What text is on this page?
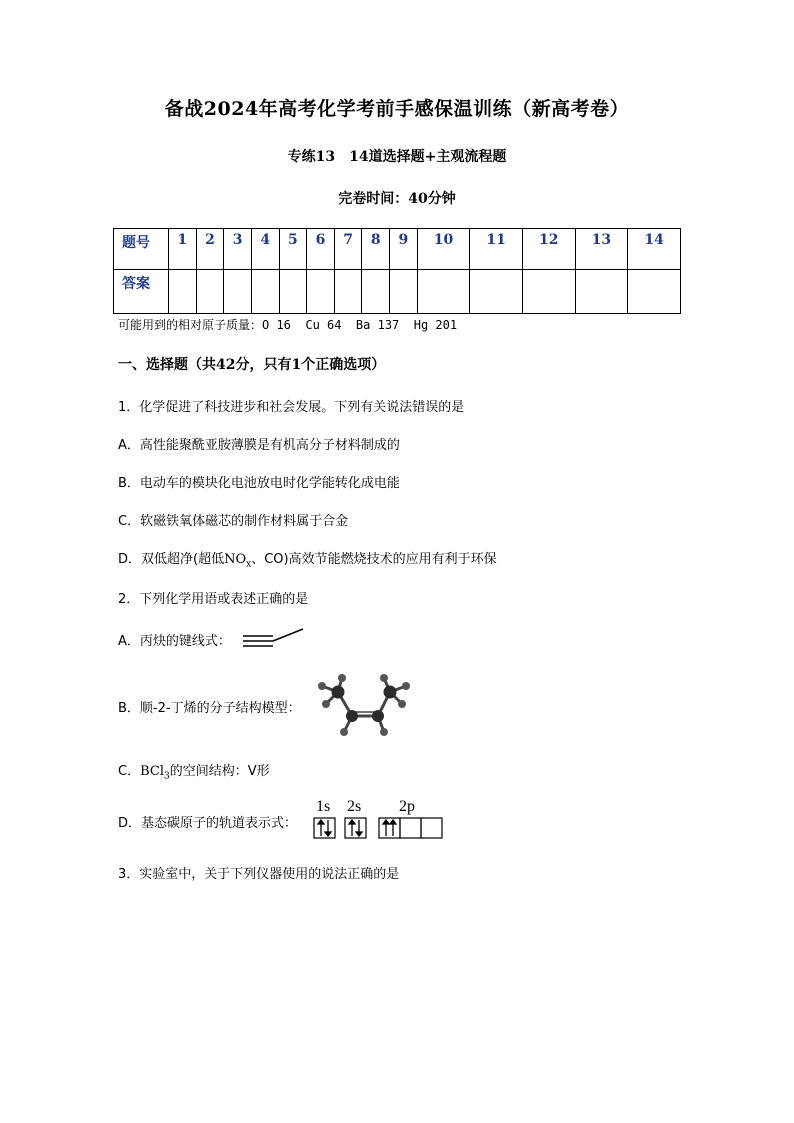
备战2024年高考化学考前手感保温训练（新高考卷）
专练13　14道选择题+主观流程题
完卷时间：40分钟
题号	1	2	3	4	5	6	7	8	9	10	11	12	13	14
答案														
可能用到的相对原子质量：O 16  Cu 64  Ba 137  Hg 201
一、选择题（共42分，只有1个正确选项）
1．化学促进了科技进步和社会发展。下列有关说法错误的是
A．高性能聚酰亚胺薄膜是有机高分子材料制成的
B．电动车的模块化电池放电时化学能转化成电能
C．软磁铁氧体磁芯的制作材料属于合金
D．双低超净(超低$NO_x$、CO)高效节能燃烧技术的应用有利于环保
2．下列化学用语或表述正确的是
A．丙炔的键线式：
B．顺-2-丁烯的分子结构模型：
C．BCl$_3$的空间结构：V形
D．基态碳原子的轨道表示式：
1s 2s 2p
3．实验室中，关于下列仪器使用的说法正确的是
